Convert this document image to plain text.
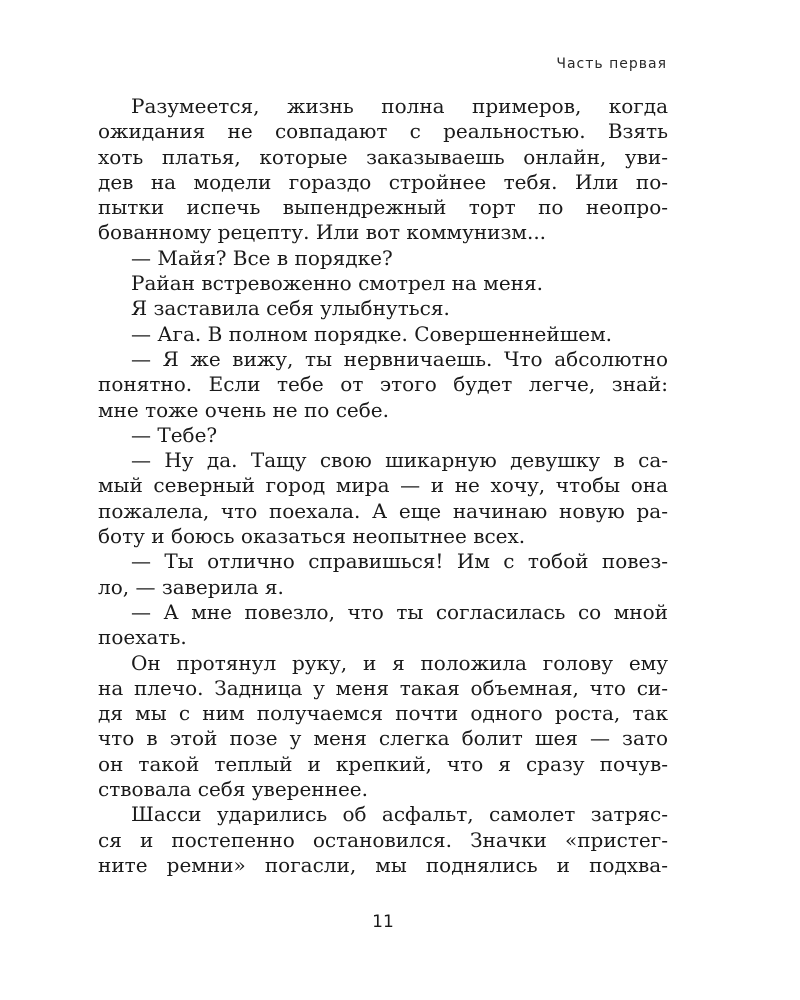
Часть первая
Разумеется, жизнь полна примеров, когда
ожидания не совпадают с реальностью. Взять
хоть платья, которые заказываешь онлайн, уви-
дев на модели гораздо стройнее тебя. Или по-
пытки испечь выпендрежный торт по неопро-
бованному рецепту. Или вот коммунизм...
— Майя? Все в порядке?
Райан встревоженно смотрел на меня.
Я заставила себя улыбнуться.
— Ага. В полном порядке. Совершеннейшем.
— Я же вижу, ты нервничаешь. Что абсолютно
понятно. Если тебе от этого будет легче, знай:
мне тоже очень не по себе.
— Тебе?
— Ну да. Тащу свою шикарную девушку в са-
мый северный город мира — и не хочу, чтобы она
пожалела, что поехала. А еще начинаю новую ра-
боту и боюсь оказаться неопытнее всех.
— Ты отлично справишься! Им с тобой повез-
ло, — заверила я.
— А мне повезло, что ты согласилась со мной
поехать.
Он протянул руку, и я положила голову ему
на плечо. Задница у меня такая объемная, что си-
дя мы с ним получаемся почти одного роста, так
что в этой позе у меня слегка болит шея — зато
он такой теплый и крепкий, что я сразу почув-
ствовала себя увереннее.
Шасси ударились об асфальт, самолет затряс-
ся и постепенно остановился. Значки «пристег-
ните ремни» погасли, мы поднялись и подхва-
11
